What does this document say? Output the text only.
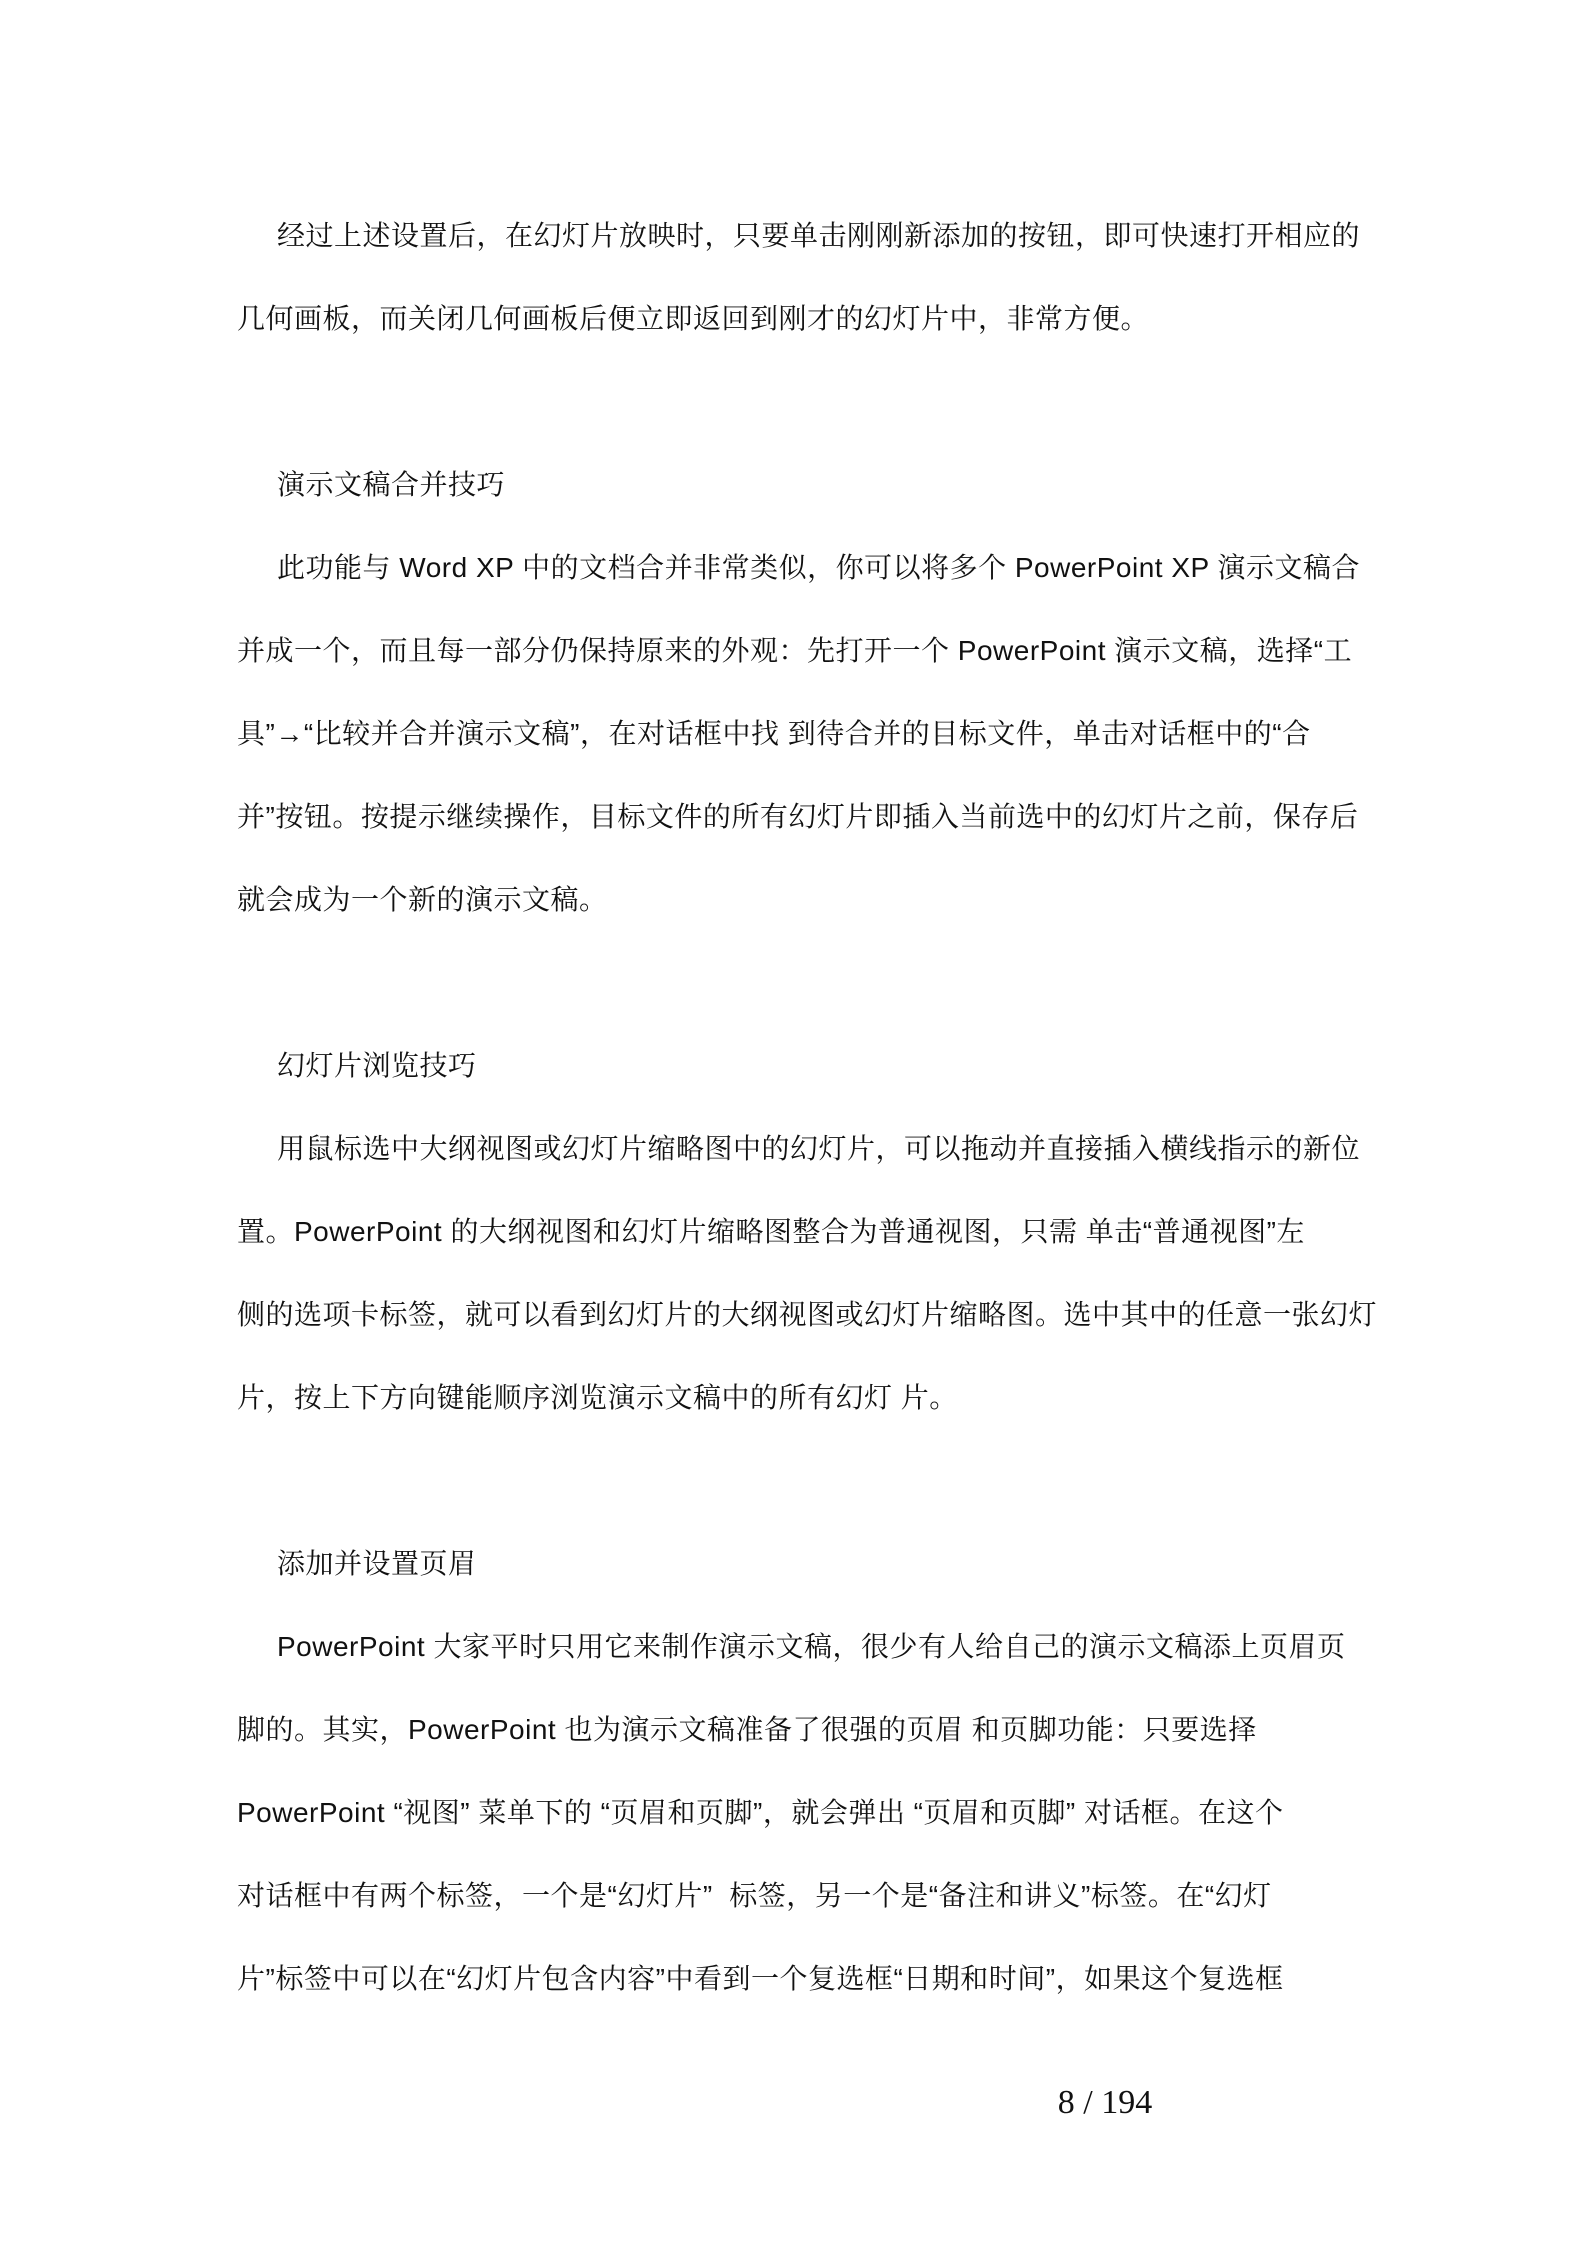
经过上述设置后，在幻灯片放映时，只要单击刚刚新添加的按钮，即可快速打开相应的
几何画板，而关闭几何画板后便立即返回到刚才的幻灯片中，非常方便。
演示文稿合并技巧
此功能与 Word XP 中的文档合并非常类似，你可以将多个 PowerPoint XP 演示文稿合
并成一个，而且每一部分仍保持原来的外观：先打开一个 PowerPoint 演示文稿，选择“工
具”→“比较并合并演示文稿”，在对话框中找 到待合并的目标文件，单击对话框中的“合
并”按钮。按提示继续操作，目标文件的所有幻灯片即插入当前选中的幻灯片之前，保存后
就会成为一个新的演示文稿。
幻灯片浏览技巧
用鼠标选中大纲视图或幻灯片缩略图中的幻灯片，可以拖动并直接插入横线指示的新位
置。PowerPoint 的大纲视图和幻灯片缩略图整合为普通视图，只需 单击“普通视图”左
侧的选项卡标签，就可以看到幻灯片的大纲视图或幻灯片缩略图。选中其中的任意一张幻灯
片，按上下方向键能顺序浏览演示文稿中的所有幻灯 片。
添加并设置页眉
PowerPoint 大家平时只用它来制作演示文稿，很少有人给自己的演示文稿添上页眉页
脚的。其实，PowerPoint 也为演示文稿准备了很强的页眉 和页脚功能：只要选择
PowerPoint “视图” 菜单下的 “页眉和页脚”，就会弹出 “页眉和页脚” 对话框。在这个
对话框中有两个标签，一个是“幻灯片”  标签，另一个是“备注和讲义”标签。在“幻灯
片”标签中可以在“幻灯片包含内容”中看到一个复选框“日期和时间”，如果这个复选框
8 / 194
